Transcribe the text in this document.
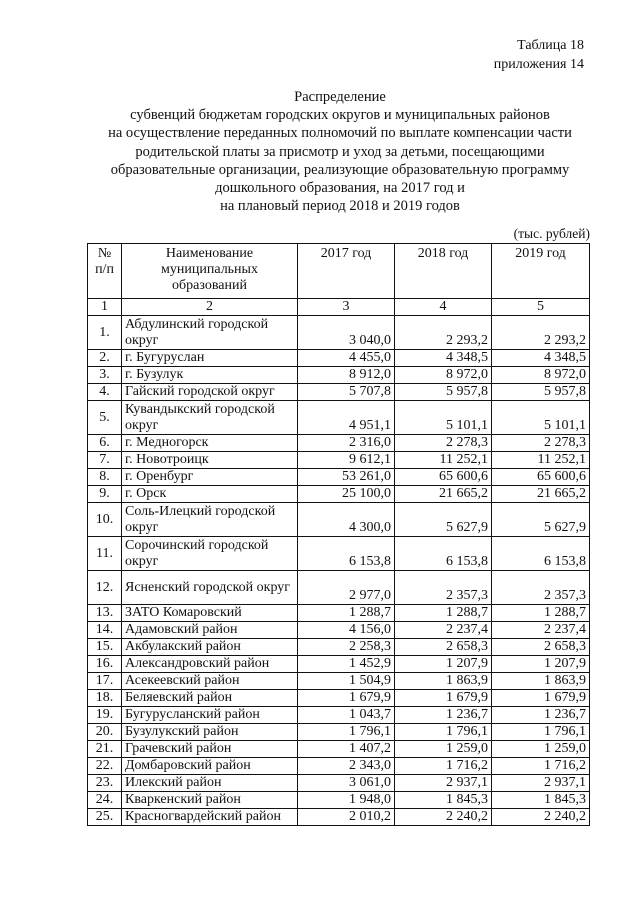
Таблица 18
приложения 14
Распределение
субвенций бюджетам городских округов и муниципальных районов
на осуществление переданных полномочий по выплате компенсации части
родительской платы за присмотр и уход за детьми, посещающими
образовательные организации, реализующие образовательную программу
дошкольного образования, на 2017 год и
на плановый период 2018 и 2019 годов
(тыс. рублей)
№ п/п	Наименование муниципальных образований	2017 год	2018 год	2019 год
1	2	3	4	5
1.	Абдулинский городской округ	3 040,0	2 293,2	2 293,2
2.	г. Бугуруслан	4 455,0	4 348,5	4 348,5
3.	г. Бузулук	8 912,0	8 972,0	8 972,0
4.	Гайский городской округ	5 707,8	5 957,8	5 957,8
5.	Кувандыкский городской округ	4 951,1	5 101,1	5 101,1
6.	г. Медногорск	2 316,0	2 278,3	2 278,3
7.	г. Новотроицк	9 612,1	11 252,1	11 252,1
8.	г. Оренбург	53 261,0	65 600,6	65 600,6
9.	г. Орск	25 100,0	21 665,2	21 665,2
10.	Соль-Илецкий городской округ	4 300,0	5 627,9	5 627,9
11.	Сорочинский городской округ	6 153,8	6 153,8	6 153,8
12.	Ясненский городской округ	2 977,0	2 357,3	2 357,3
13.	ЗАТО Комаровский	1 288,7	1 288,7	1 288,7
14.	Адамовский район	4 156,0	2 237,4	2 237,4
15.	Акбулакский район	2 258,3	2 658,3	2 658,3
16.	Александровский район	1 452,9	1 207,9	1 207,9
17.	Асекеевский район	1 504,9	1 863,9	1 863,9
18.	Беляевский район	1 679,9	1 679,9	1 679,9
19.	Бугурусланский район	1 043,7	1 236,7	1 236,7
20.	Бузулукский район	1 796,1	1 796,1	1 796,1
21.	Грачевский район	1 407,2	1 259,0	1 259,0
22.	Домбаровский район	2 343,0	1 716,2	1 716,2
23.	Илекский район	3 061,0	2 937,1	2 937,1
24.	Кваркенский район	1 948,0	1 845,3	1 845,3
25.	Красногвардейский район	2 010,2	2 240,2	2 240,2
